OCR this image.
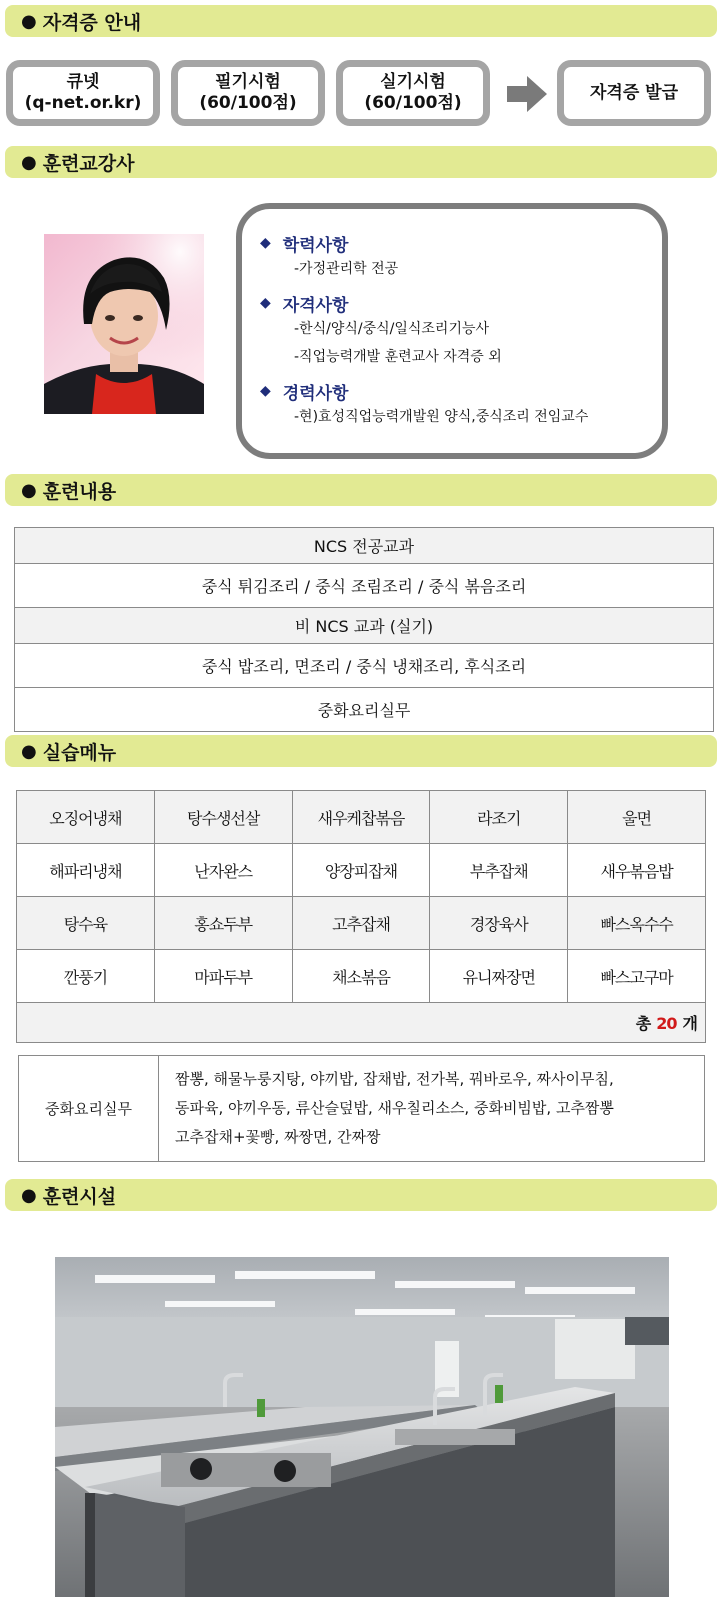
● 자격증 안내
큐넷
(q-net.or.kr)
필기시험
(60/100점)
실기시험
(60/100점)
자격증 발급
● 훈련교강사
◆ 학력사항
-가정관리학 전공
◆ 자격사항
-한식/양식/중식/일식조리기능사
-직업능력개발 훈련교사 자격증 외
◆ 경력사항
-현)효성직업능력개발원 양식,중식조리 전임교수
● 훈련내용
NCS 전공교과
중식 튀김조리 / 중식 조림조리 / 중식 볶음조리
비 NCS 교과 (실기)
중식 밥조리, 면조리 / 중식 냉채조리, 후식조리
중화요리실무
● 실습메뉴
오징어냉채	탕수생선살	새우케찹볶음	라조기	울면
해파리냉채	난자완스	양장피잡채	부추잡채	새우볶음밥
탕수육	홍쇼두부	고추잡채	경장육사	빠스옥수수
깐풍기	마파두부	채소볶음	유니짜장면	빠스고구마
총 20 개				
중화요리실무	
짬뽕, 해물누룽지탕, 야끼밥, 잡채밥, 전가복, 꿔바로우, 짜사이무침,
동파육, 야끼우동, 류산슬덮밥, 새우칠리소스, 중화비빔밥, 고추짬뽕
고추잡채+꽃빵, 짜짱면, 간짜짱
● 훈련시설
